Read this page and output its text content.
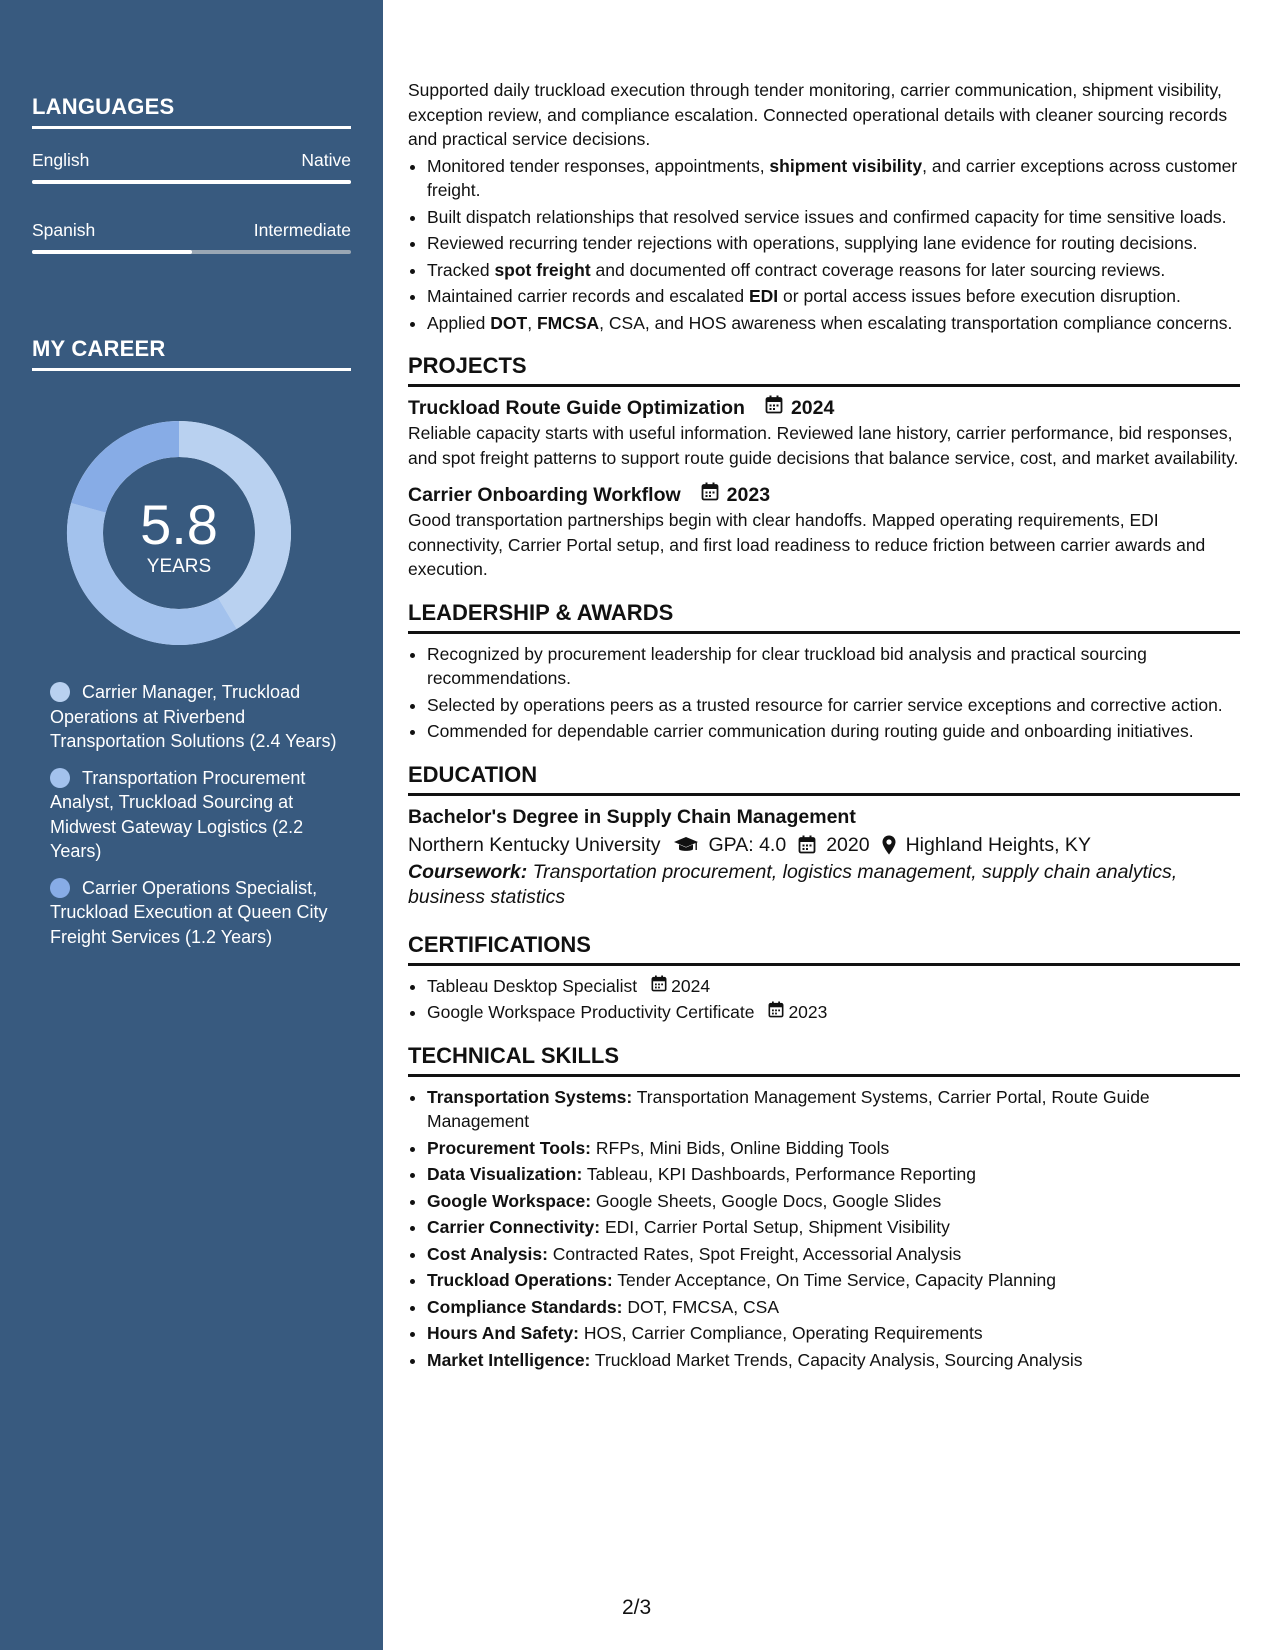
LANGUAGES
English	Native
Spanish	Intermediate
MY CAREER
5.8
YEARS
Carrier Manager, Truckload Operations at Riverbend Transportation Solutions (2.4 Years)
Transportation Procurement Analyst, Truckload Sourcing at Midwest Gateway Logistics (2.2 Years)
Carrier Operations Specialist, Truckload Execution at Queen City Freight Services (1.2 Years)

Supported daily truckload execution through tender monitoring, carrier communication, shipment visibility, exception review, and compliance escalation. Connected operational details with cleaner sourcing records and practical service decisions.

• Monitored tender responses, appointments, shipment visibility, and carrier exceptions across customer freight.
• Built dispatch relationships that resolved service issues and confirmed capacity for time sensitive loads.
• Reviewed recurring tender rejections with operations, supplying lane evidence for routing decisions.
• Tracked spot freight and documented off contract coverage reasons for later sourcing reviews.
• Maintained carrier records and escalated EDI or portal access issues before execution disruption.
• Applied DOT, FMCSA, CSA, and HOS awareness when escalating transportation compliance concerns.
PROJECTS
Truckload Route Guide Optimization 2024

Reliable capacity starts with useful information. Reviewed lane history, carrier performance, bid responses, and spot freight patterns to support route guide decisions that balance service, cost, and market availability.

Carrier Onboarding Workflow 2023

Good transportation partnerships begin with clear handoffs. Mapped operating requirements, EDI connectivity, Carrier Portal setup, and first load readiness to reduce friction between carrier awards and execution.

LEADERSHIP & AWARDS
• Recognized by procurement leadership for clear truckload bid analysis and practical sourcing recommendations.
• Selected by operations peers as a trusted resource for carrier service exceptions and corrective action.
• Commended for dependable carrier communication during routing guide and onboarding initiatives.
EDUCATION
Bachelor's Degree in Supply Chain Management
Northern Kentucky University GPA: 4.0 2020 Highland Heights, KY
Coursework: Transportation procurement, logistics management, supply chain analytics, business statistics
CERTIFICATIONS
• Tableau Desktop Specialist 2024
• Google Workspace Productivity Certificate 2023
TECHNICAL SKILLS
• Transportation Systems: Transportation Management Systems, Carrier Portal, Route Guide Management
• Procurement Tools: RFPs, Mini Bids, Online Bidding Tools
• Data Visualization: Tableau, KPI Dashboards, Performance Reporting
• Google Workspace: Google Sheets, Google Docs, Google Slides
• Carrier Connectivity: EDI, Carrier Portal Setup, Shipment Visibility
• Cost Analysis: Contracted Rates, Spot Freight, Accessorial Analysis
• Truckload Operations: Tender Acceptance, On Time Service, Capacity Planning
• Compliance Standards: DOT, FMCSA, CSA
• Hours And Safety: HOS, Carrier Compliance, Operating Requirements
• Market Intelligence: Truckload Market Trends, Capacity Analysis, Sourcing Analysis
2/3
